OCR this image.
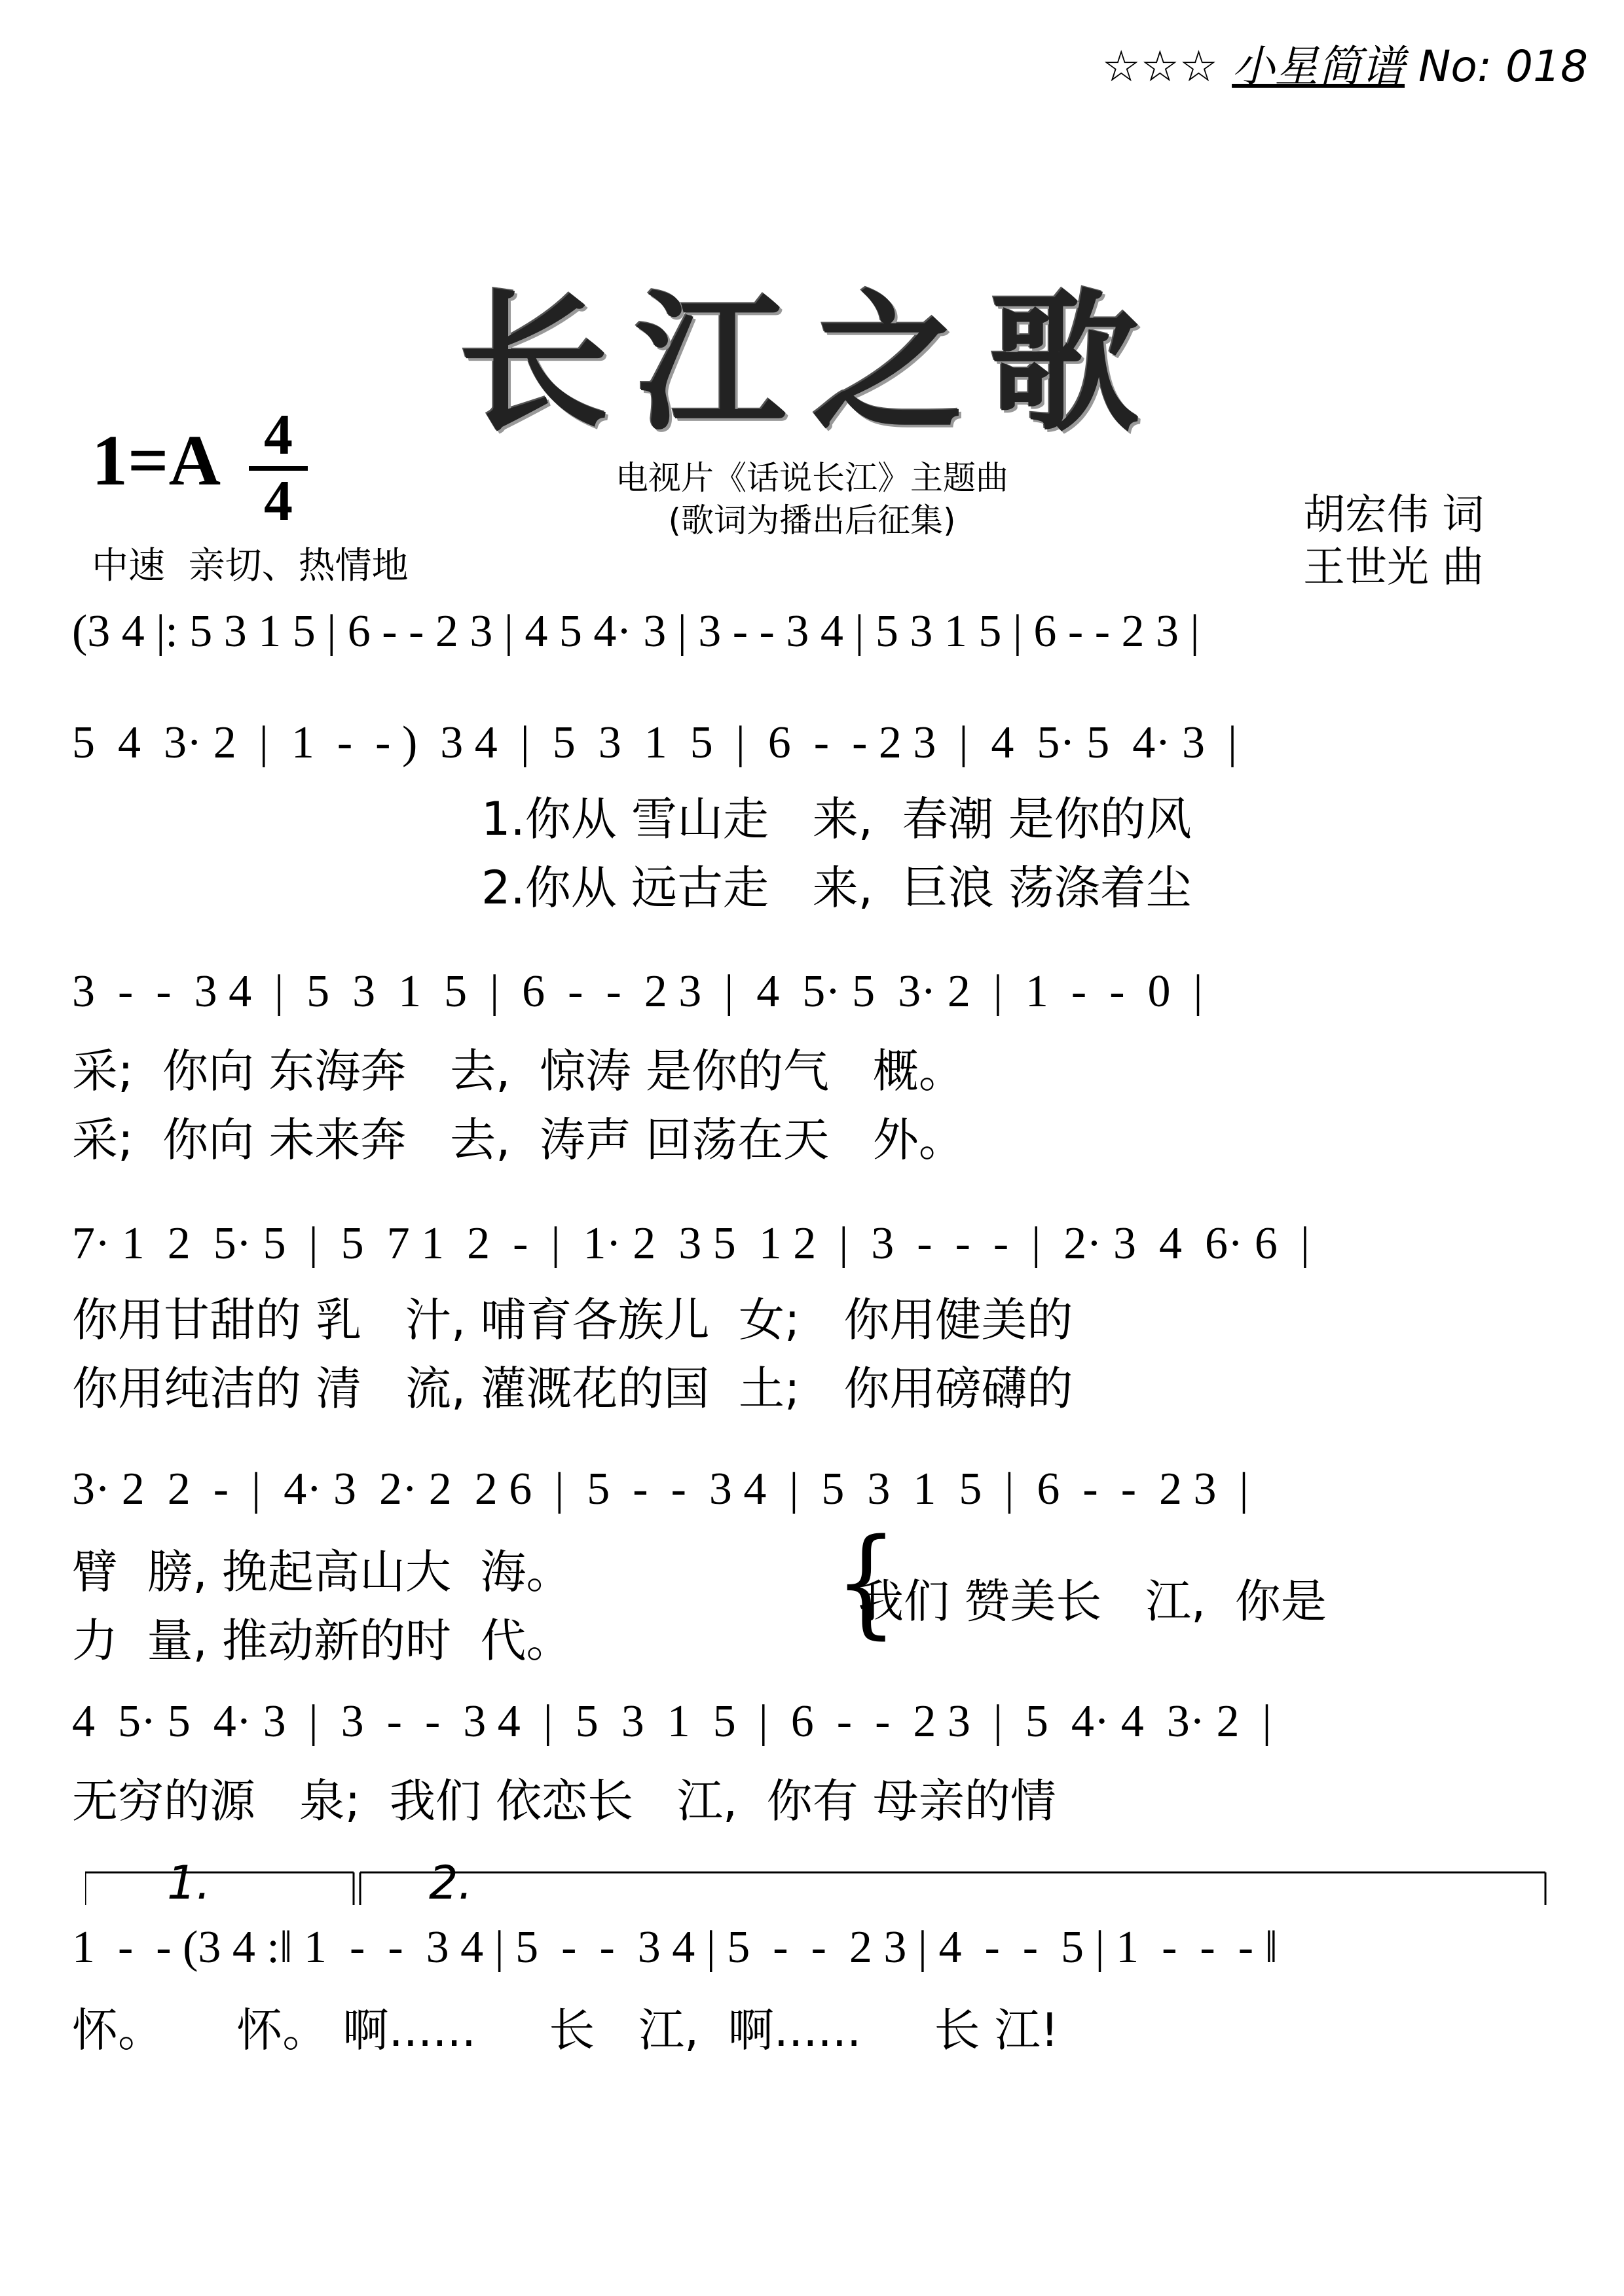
☆☆☆ 小星简谱 No: 018
长江之歌
电视片《话说长江》主题曲
(歌词为播出后征集)
1=A 4
4
中速  亲切、热情地
胡宏伟 词
王世光 曲
(3 4 |: 5 3 1 5 | 6 - - 2 3 | 4 5 4· 3 | 3 - - 3 4 | 5 3 1 5 | 6 - - 2 3 |
5  4  3· 2  |  1  -  - )  3 4  |  5  3  1  5  |  6  -  - 2 3  |  4  5· 5  4· 3  |
1.你从 雪山走   来,  春潮 是你的风
2.你从 远古走   来,  巨浪 荡涤着尘
3  -  -  3 4  |  5  3  1  5  |  6  -  -  2 3  |  4  5· 5  3· 2  |  1  -  -  0  |
采;  你向 东海奔   去,  惊涛 是你的气   概。
采;  你向 未来奔   去,  涛声 回荡在天   外。
7· 1  2  5· 5  |  5  7 1  2  -  |  1· 2  3 5  1 2  |  3  -  -  -  |  2· 3  4  6· 6  |
你用甘甜的 乳   汁, 哺育各族儿  女;   你用健美的
你用纯洁的 清   流, 灌溉花的国  土;   你用磅礴的
3· 2  2  -  |  4· 3  2· 2  2 6  |  5  -  -  3 4  |  5  3  1  5  |  6  -  -  2 3  |
臂  膀, 挽起高山大  海。
力  量, 推动新的时  代。	{
我们 赞美长   江,  你是
4  5· 5  4· 3  |  3  -  -  3 4  |  5  3  1  5  |  6  -  -  2 3  |  5  4· 4  3· 2  |
无穷的源   泉;  我们 依恋长   江,  你有 母亲的情
1.	2.
1  -  - (3 4 :‖ 1  -  -  3 4 | 5  -  -  3 4 | 5  -  -  2 3 | 4  -  -  5 | 1  -  -  - ‖
怀。     怀。 啊......     长   江,  啊......     长 江!
